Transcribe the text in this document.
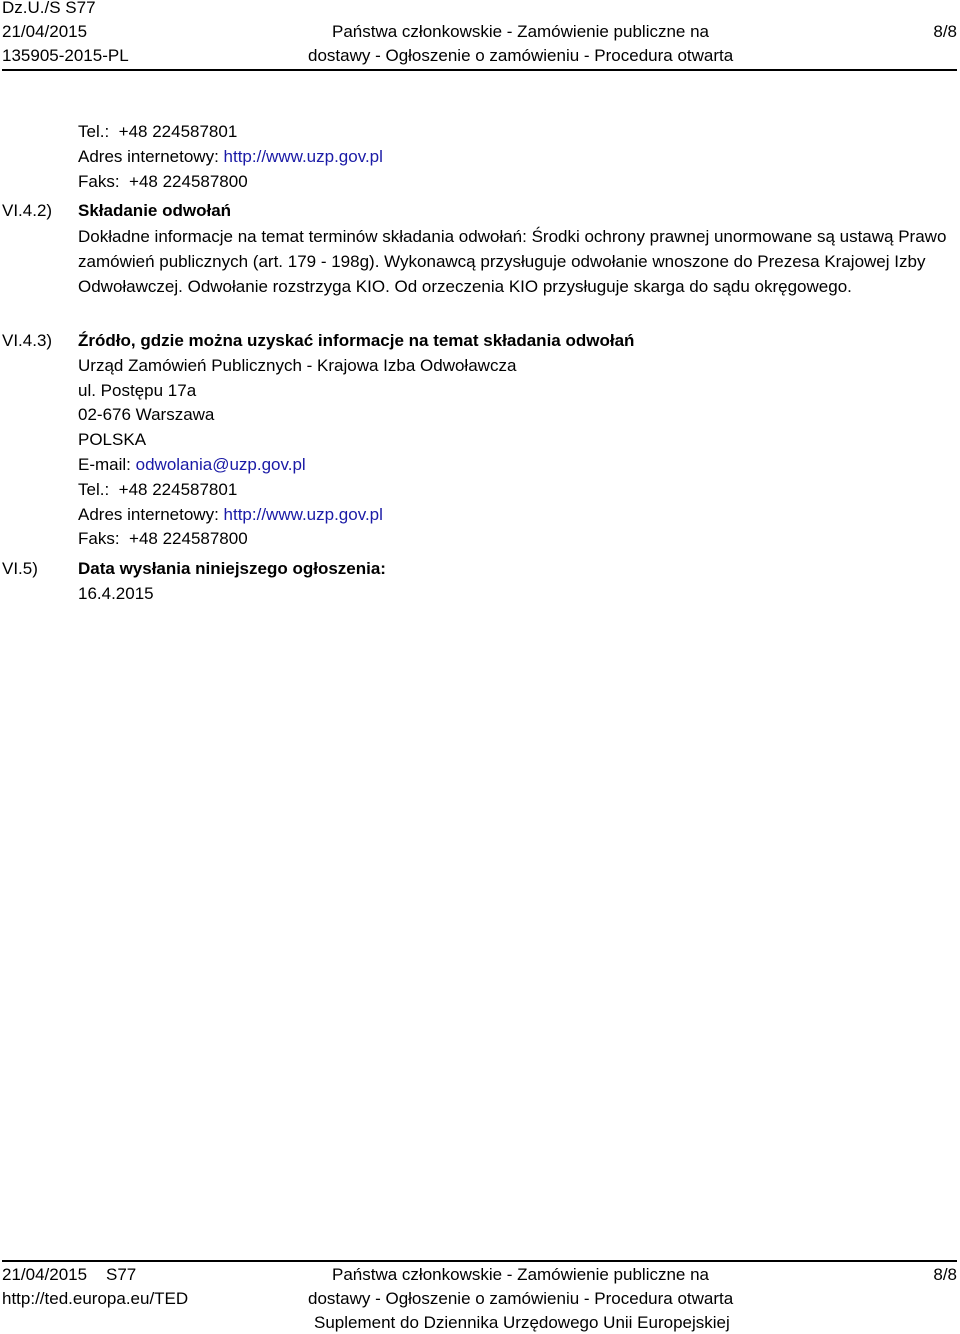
Dz.U./S S77
21/04/2015
135905-2015-PL
Państwa członkowskie - Zamówienie publiczne na
dostawy - Ogłoszenie o zamówieniu - Procedura otwarta
8/8
Tel.: +48 224587801
Adres internetowy: http://www.uzp.gov.pl
Faks: +48 224587800
VI.4.2) Składanie odwołań
Dokładne informacje na temat terminów składania odwołań: Środki ochrony prawnej unormowane są ustawą Prawo zamówień publicznych (art. 179 - 198g). Wykonawcą przysługuje odwołanie wnoszone do Prezesa Krajowej Izby Odwoławczej. Odwołanie rozstrzyga KIO. Od orzeczenia KIO przysługuje skarga do sądu okręgowego.
VI.4.3) Źródło, gdzie można uzyskać informacje na temat składania odwołań
Urząd Zamówień Publicznych - Krajowa Izba Odwoławcza
ul. Postępu 17a
02-676 Warszawa
POLSKA
E-mail: odwolania@uzp.gov.pl
Tel.: +48 224587801
Adres internetowy: http://www.uzp.gov.pl
Faks: +48 224587800
VI.5) Data wysłania niniejszego ogłoszenia:
16.4.2015
21/04/2015 S77
http://ted.europa.eu/TED
Państwa członkowskie - Zamówienie publiczne na
dostawy - Ogłoszenie o zamówieniu - Procedura otwarta
Suplement do Dziennika Urzędowego Unii Europejskiej
8/8
